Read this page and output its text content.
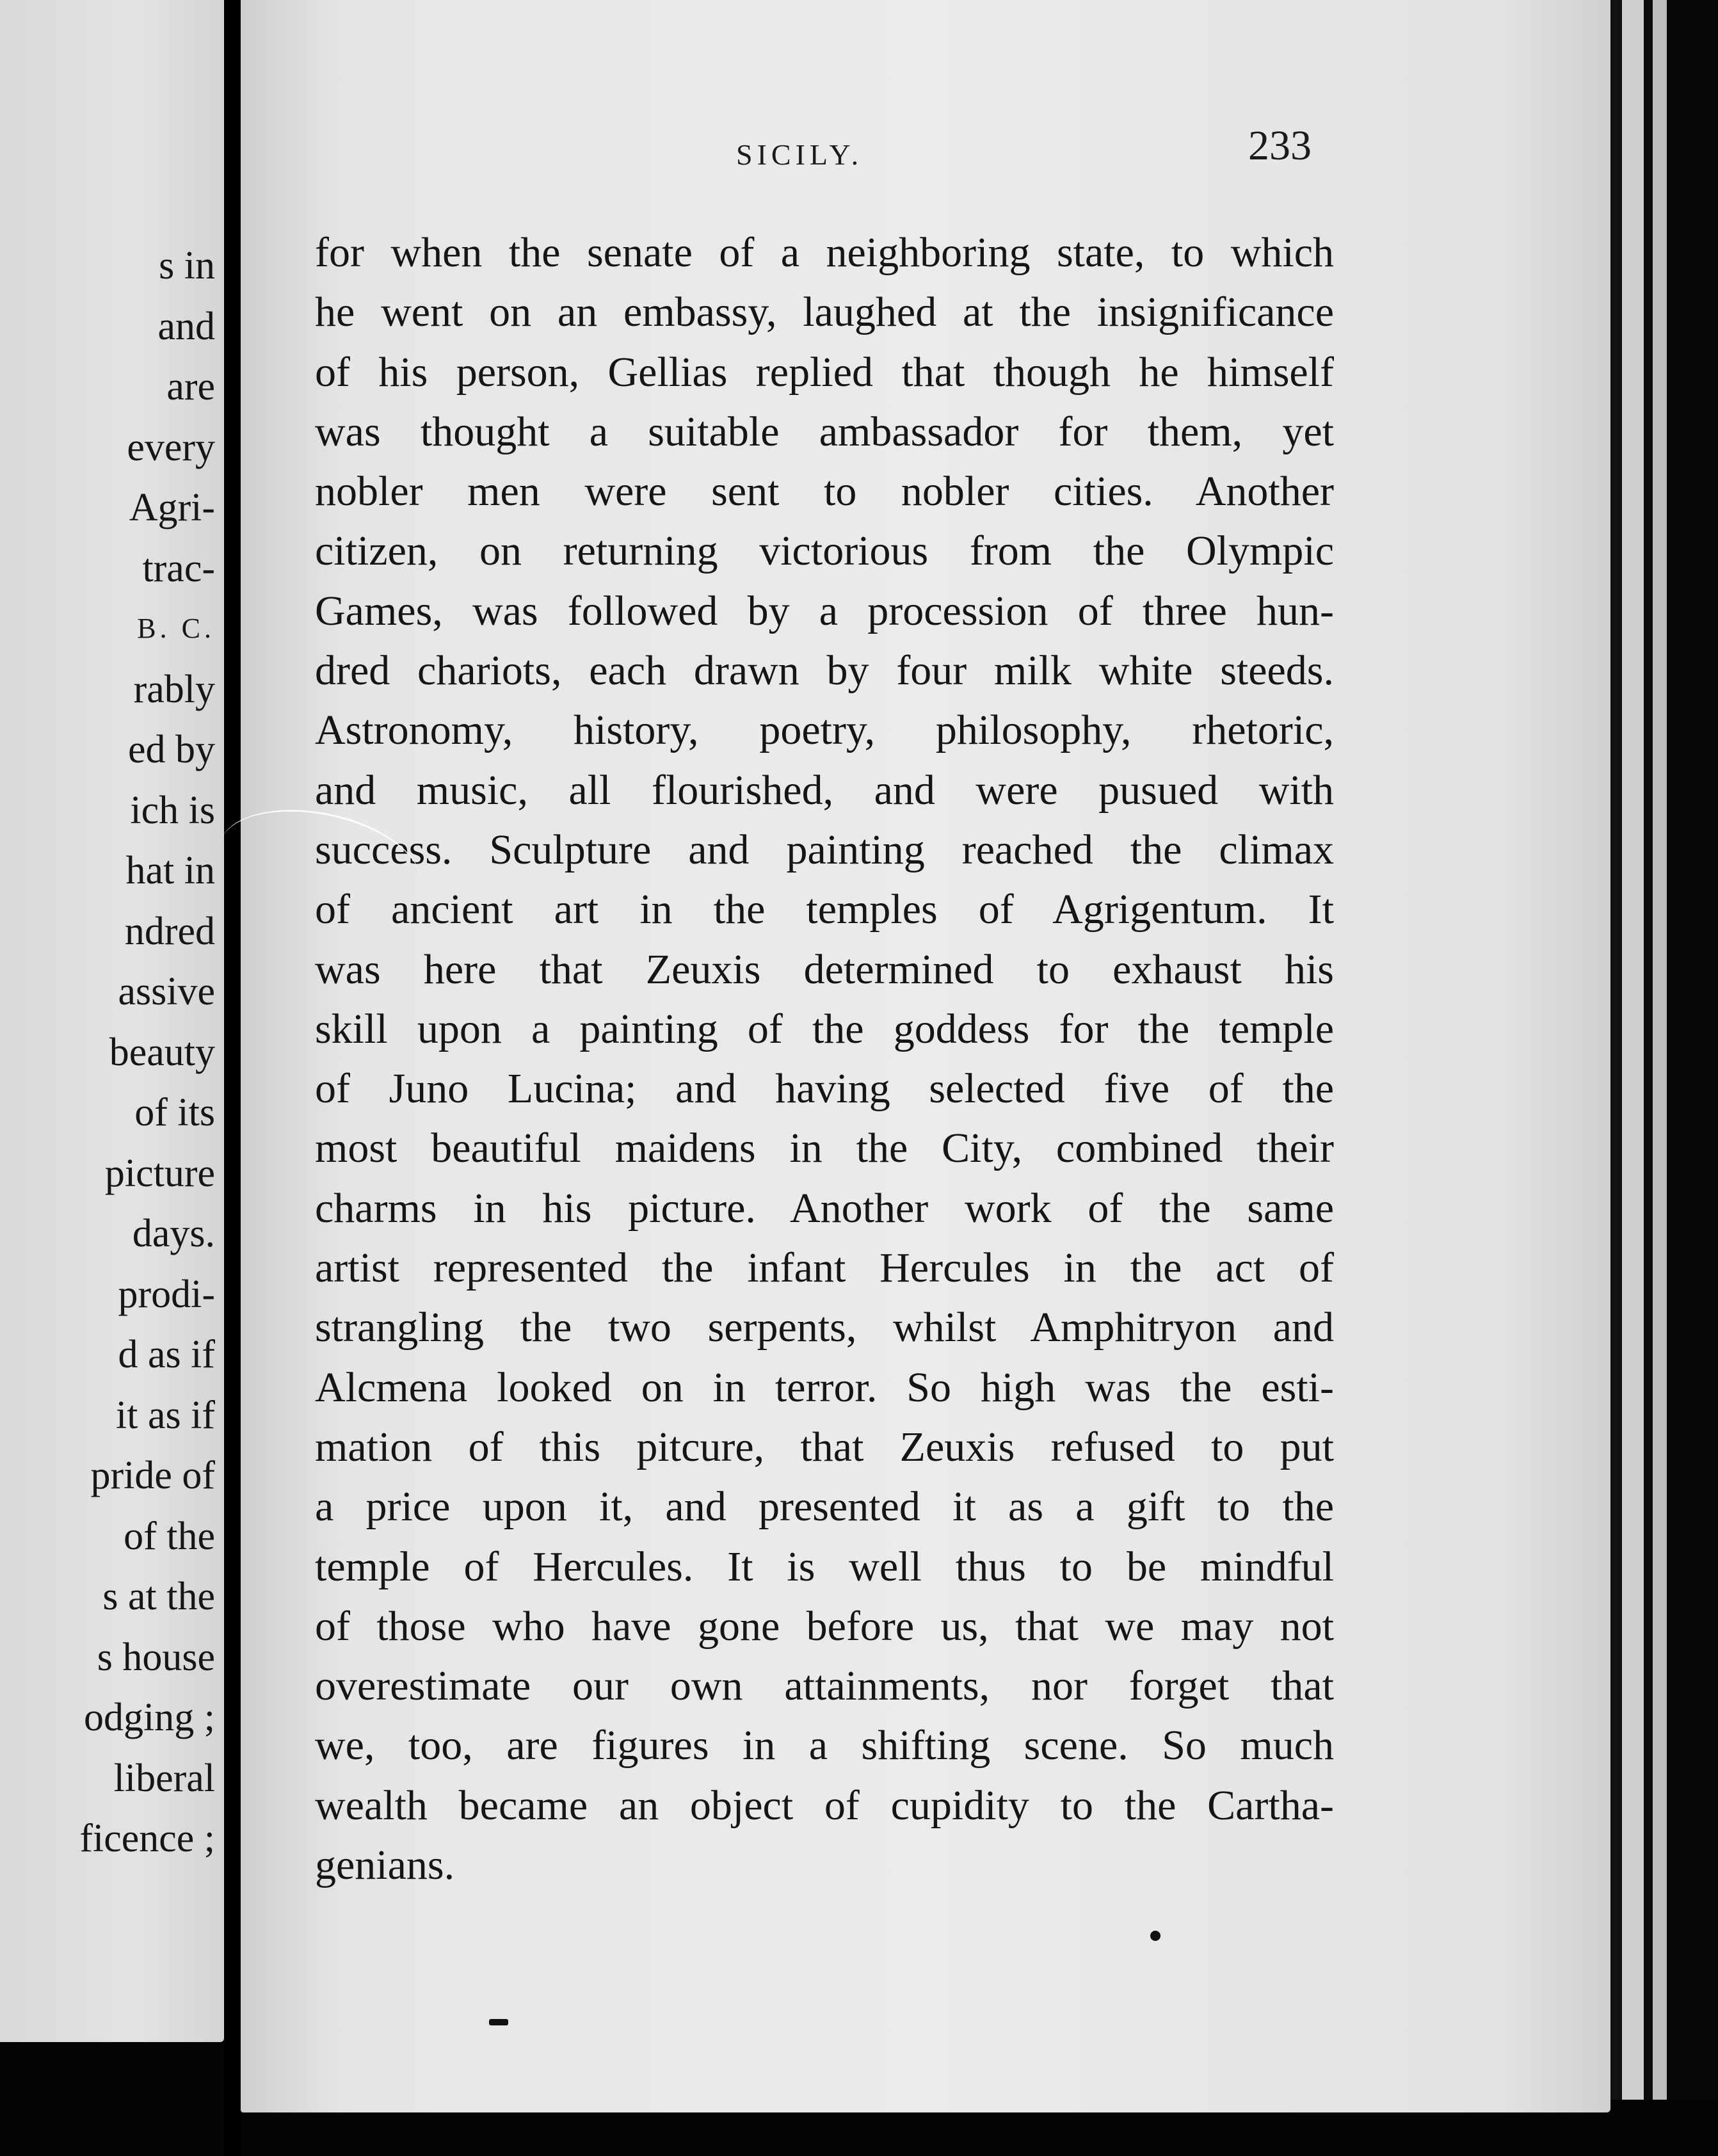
s in
and
are
every
Agri-
trac-
B. C.
rably
ed by
ich is
hat in
ndred
assive
beauty
of its
picture
days.
prodi-
d as if
it as if
pride of
of the
s at the
s house
odging ;
liberal
ficence ;
SICILY.	233
for when the senate of a neighboring state, to which
he went on an embassy, laughed at the insignificance
of his person, Gellias replied that though he himself
was thought a suitable ambassador for them, yet
nobler men were sent to nobler cities. Another
citizen, on returning victorious from the Olympic
Games, was followed by a procession of three hun-
dred chariots, each drawn by four milk white steeds.
Astronomy, history, poetry, philosophy, rhetoric,
and music, all flourished, and were pusued with
success. Sculpture and painting reached the climax
of ancient art in the temples of Agrigentum. It
was here that Zeuxis determined to exhaust his
skill upon a painting of the goddess for the temple
of Juno Lucina; and having selected five of the
most beautiful maidens in the City, combined their
charms in his picture. Another work of the same
artist represented the infant Hercules in the act of
strangling the two serpents, whilst Amphitryon and
Alcmena looked on in terror. So high was the esti-
mation of this pitcure, that Zeuxis refused to put
a price upon it, and presented it as a gift to the
temple of Hercules. It is well thus to be mindful
of those who have gone before us, that we may not
overestimate our own attainments, nor forget that
we, too, are figures in a shifting scene. So much
wealth became an object of cupidity to the Cartha-
genians.
